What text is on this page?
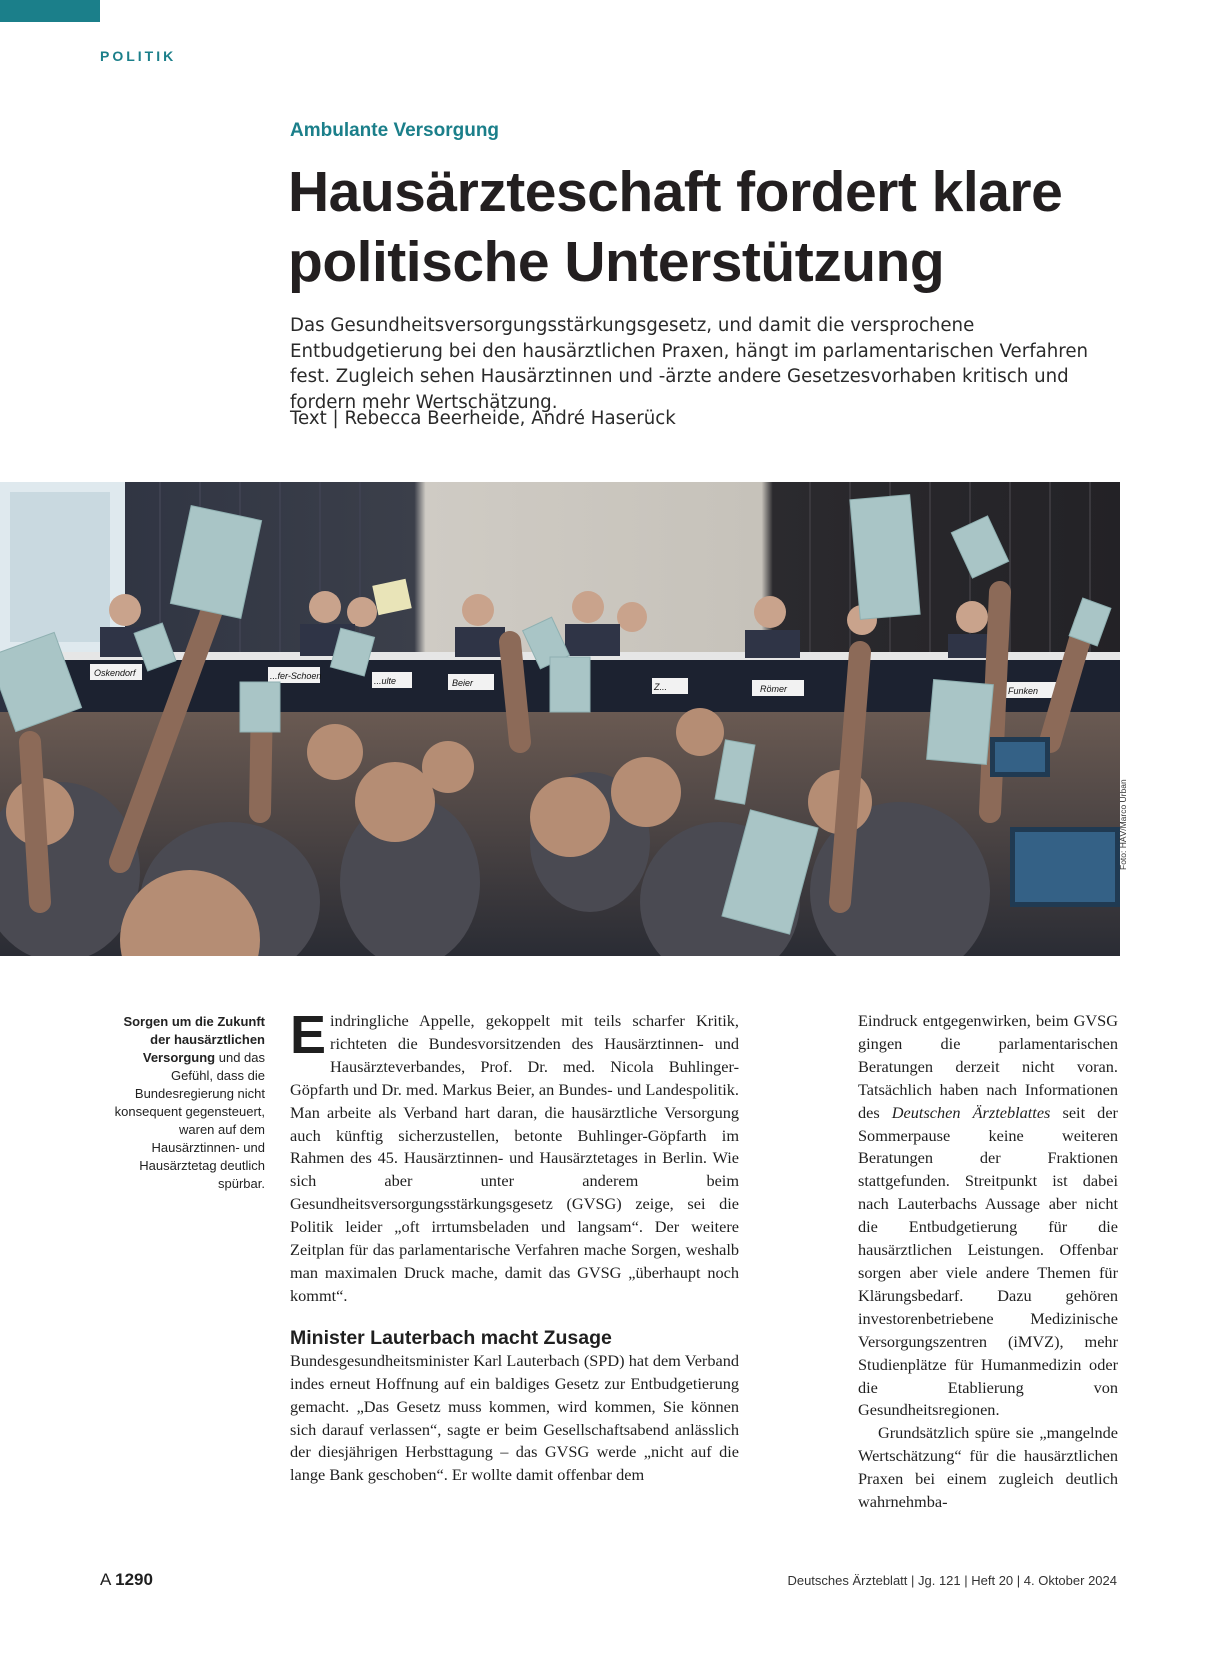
POLITIK
Ambulante Versorgung
Hausärzteschaft fordert klare
politische Unterstützung

Das Gesundheitsversorgungsstärkungsgesetz, und damit die versprochene Entbudgetierung bei den hausärztlichen Praxen, hängt im parlamentarischen Verfahren fest. Zugleich sehen Hausärztinnen und -ärzte andere Gesetzesvorhaben kritisch und fordern mehr Wertschätzung.

Text | Rebecca Beerheide, André Haserück
Oskendorf	...fer-Schoen	...ulte	Beier	Z...	Römer	Funken
Foto: HÄV/Marco Urban
Sorgen um die Zukunft der hausärztlichen Versorgung und das Gefühl, dass die Bundesregierung nicht konsequent gegensteuert, waren auf dem Hausärztinnen- und Hausärztetag deutlich spürbar.

Eindringliche Appelle, gekoppelt mit teils scharfer Kritik, richteten die Bundesvorsitzenden des Hausärztinnen- und Hausärzteverbandes, Prof. Dr. med. Nicola Buhlinger-Göpfarth und Dr. med. Markus Beier, an Bundes- und Landespolitik. Man arbeite als Verband hart daran, die hausärztliche Versorgung auch künftig sicherzustellen, betonte Buhlinger-Göpfarth im Rahmen des 45. Hausärztinnen- und Hausärztetages in Berlin. Wie sich aber unter anderem beim Gesundheitsversorgungsstärkungsgesetz (GVSG) zeige, sei die Politik leider „oft irrtumsbeladen und langsam“. Der weitere Zeitplan für das parlamentarische Verfahren mache Sorgen, weshalb man maximalen Druck mache, damit das GVSG „überhaupt noch kommt“.

Minister Lauterbach macht Zusage

Bundesgesundheitsminister Karl Lauterbach (SPD) hat dem Verband indes erneut Hoffnung auf ein baldiges Gesetz zur Entbudgetierung gemacht. „Das Gesetz muss kommen, wird kommen, Sie können sich darauf verlassen“, sagte er beim Gesellschaftsabend anlässlich der diesjährigen Herbsttagung – das GVSG werde „nicht auf die lange Bank geschoben“. Er wollte damit offenbar dem

Eindruck entgegenwirken, beim GVSG gingen die parlamentarischen Beratungen derzeit nicht voran. Tatsächlich haben nach Informationen des Deutschen Ärzteblattes seit der Sommerpause keine weiteren Beratungen der Fraktionen stattgefunden. Streitpunkt ist dabei nach Lauterbachs Aussage aber nicht die Entbudgetierung für die hausärztlichen Leistungen. Offenbar sorgen aber viele andere Themen für Klärungsbedarf. Dazu gehören investorenbetriebene Medizinische Versorgungszentren (iMVZ), mehr Studienplätze für Humanmedizin oder die Etablierung von Gesundheitsregionen.

Grundsätzlich spüre sie „mangelnde Wertschätzung“ für die hausärztlichen Praxen bei einem zugleich deutlich wahrnehmba-

A 1290	Deutsches Ärzteblatt | Jg. 121 | Heft 20 | 4. Oktober 2024
